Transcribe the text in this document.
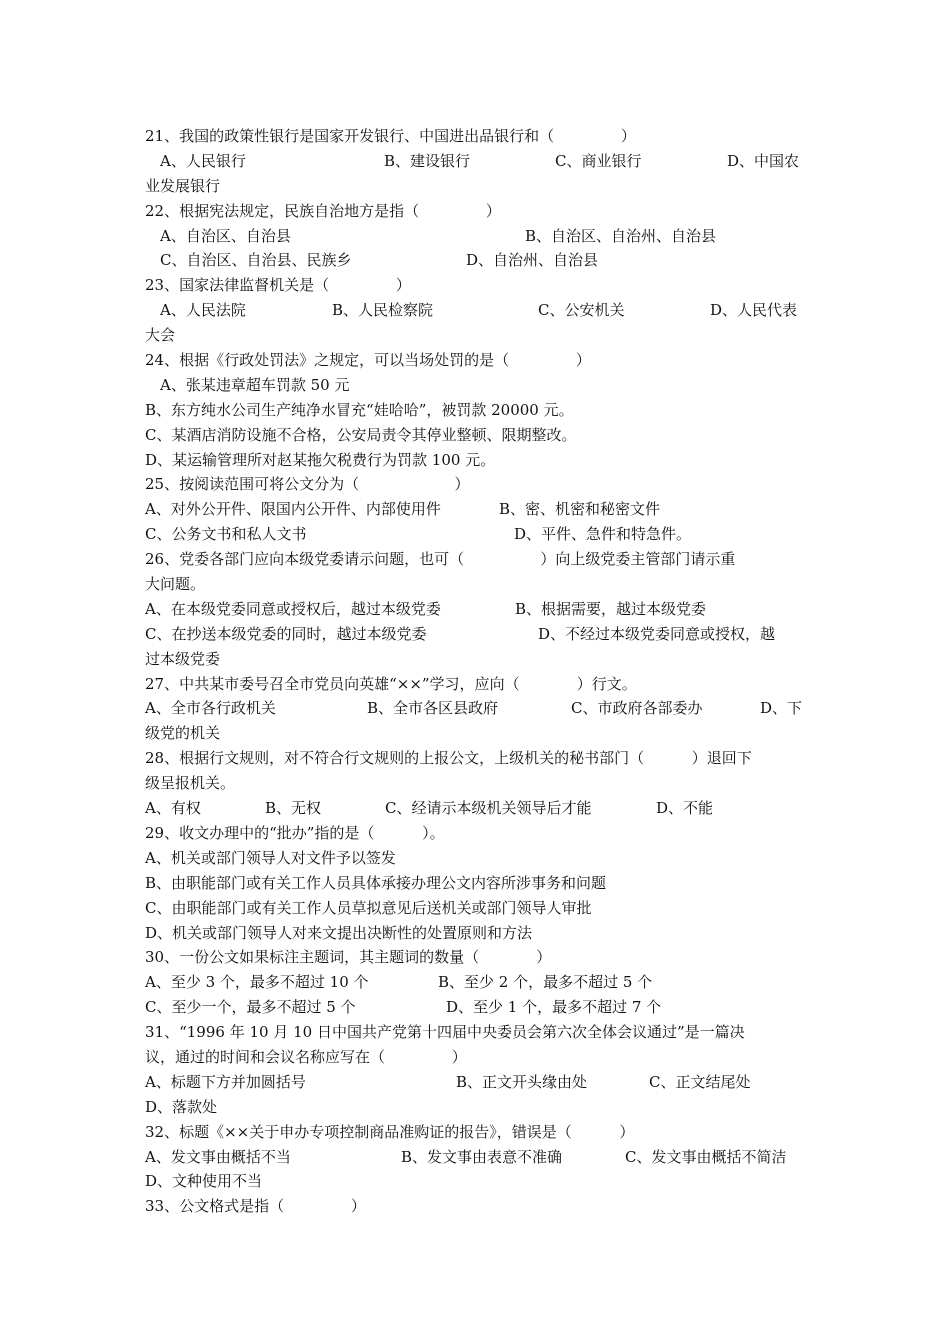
21、我国的政策性银行是国家开发银行、中国进出品银行和（              ）
A、人民银行	B、建设银行	C、商业银行	D、中国农
业发展银行
22、根据宪法规定，民族自治地方是指（              ）
A、自治区、自治县	B、自治区、自治州、自治县
C、自治区、自治县、民族乡	D、自治州、自治县
23、国家法律监督机关是（              ）
A、人民法院	B、人民检察院	C、公安机关	D、人民代表
大会
24、根据《行政处罚法》之规定，可以当场处罚的是（              ）
A、张某违章超车罚款 50 元
B、东方纯水公司生产纯净水冒充“娃哈哈”，被罚款 20000 元。
C、某酒店消防设施不合格，公安局责令其停业整顿、限期整改。
D、某运输管理所对赵某拖欠税费行为罚款 100 元。
25、按阅读范围可将公文分为（                    ）
A、对外公开件、限国内公开件、内部使用件	B、密、机密和秘密文件
C、公务文书和私人文书	D、平件、急件和特急件。
26、党委各部门应向本级党委请示问题，也可（                ）向上级党委主管部门请示重
大问题。
A、在本级党委同意或授权后，越过本级党委	B、根据需要，越过本级党委
C、在抄送本级党委的同时，越过本级党委	D、不经过本级党委同意或授权，越
过本级党委
27、中共某市委号召全市党员向英雄“××”学习，应向（            ）行文。
A、全市各行政机关	B、全市各区县政府	C、市政府各部委办	D、下
级党的机关
28、根据行文规则，对不符合行文规则的上报公文，上级机关的秘书部门（          ）退回下
级呈报机关。
A、有权	B、无权	C、经请示本级机关领导后才能	D、不能
29、收文办理中的“批办”指的是（          ）。
A、机关或部门领导人对文件予以签发
B、由职能部门或有关工作人员具体承接办理公文内容所涉事务和问题
C、由职能部门或有关工作人员草拟意见后送机关或部门领导人审批
D、机关或部门领导人对来文提出决断性的处置原则和方法
30、一份公文如果标注主题词，其主题词的数量（            ）
A、至少 3 个，最多不超过 10 个	B、至少 2 个，最多不超过 5 个
C、至少一个，最多不超过 5 个	D、至少 1 个，最多不超过 7 个
31、“1996 年 10 月 10 日中国共产党第十四届中央委员会第六次全体会议通过”是一篇决
议，通过的时间和会议名称应写在（              ）
A、标题下方并加圆括号	B、正文开头缘由处	C、正文结尾处
D、落款处
32、标题《××关于申办专项控制商品准购证的报告》，错误是（          ）
A、发文事由概括不当	B、发文事由表意不准确	C、发文事由概括不简洁
D、文种使用不当
33、公文格式是指（              ）
